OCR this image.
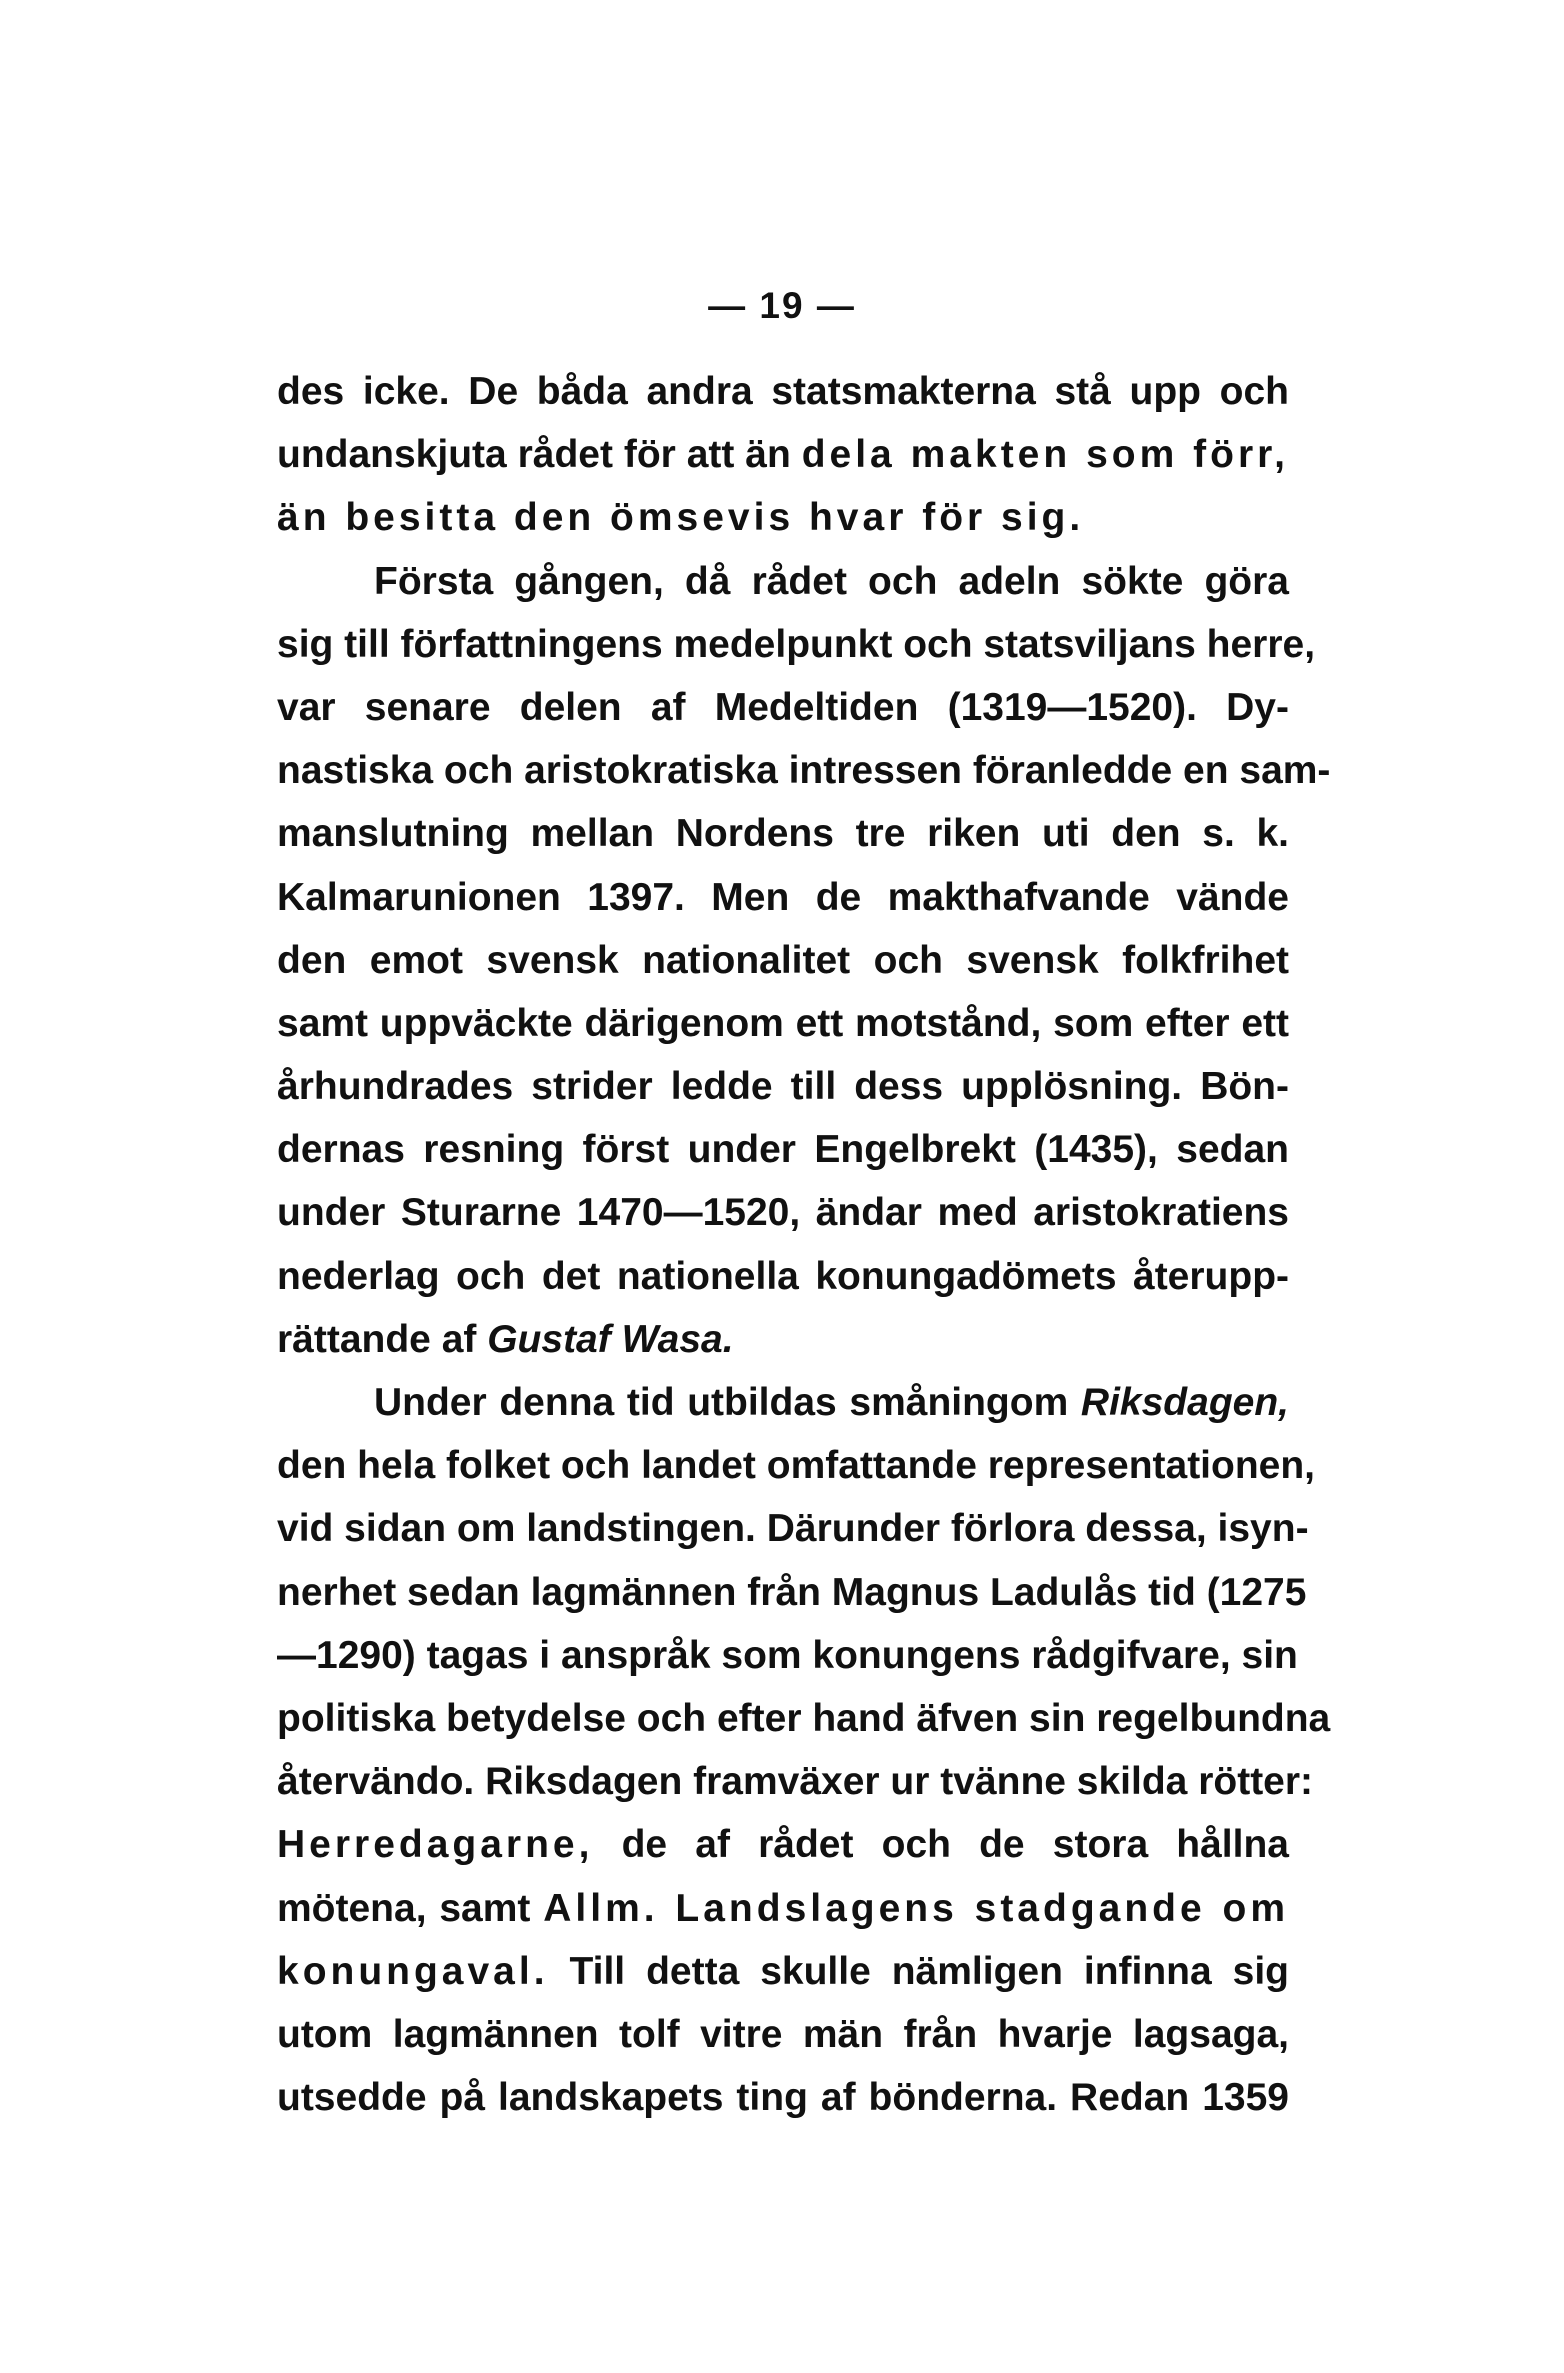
— 19 —
des icke. De båda andra statsmakterna stå upp och
undanskjuta rådet för att än dela makten som förr,
än besitta den ömsevis hvar för sig.
Första gången, då rådet och adeln sökte göra
sig till författningens medelpunkt och statsviljans herre,
var senare delen af Medeltiden (1319—1520). Dy-
nastiska och aristokratiska intressen föranledde en sam-
manslutning mellan Nordens tre riken uti den s. k.
Kalmarunionen 1397. Men de makthafvande vände
den emot svensk nationalitet och svensk folkfrihet
samt uppväckte därigenom ett motstånd, som efter ett
århundrades strider ledde till dess upplösning. Bön-
dernas resning först under Engelbrekt (1435), sedan
under Sturarne 1470—1520, ändar med aristokratiens
nederlag och det nationella konungadömets återupp-
rättande af Gustaf Wasa.
Under denna tid utbildas småningom Riksdagen,
den hela folket och landet omfattande representationen,
vid sidan om landstingen. Därunder förlora dessa, isyn-
nerhet sedan lagmännen från Magnus Ladulås tid (1275
—1290) tagas i anspråk som konungens rådgifvare, sin
politiska betydelse och efter hand äfven sin regelbundna
återvändo. Riksdagen framväxer ur tvänne skilda rötter:
Herredagarne, de af rådet och de stora hållna
mötena, samt Allm. Landslagens stadgande om
konungaval. Till detta skulle nämligen infinna sig
utom lagmännen tolf vitre män från hvarje lagsaga,
utsedde på landskapets ting af bönderna. Redan 1359
